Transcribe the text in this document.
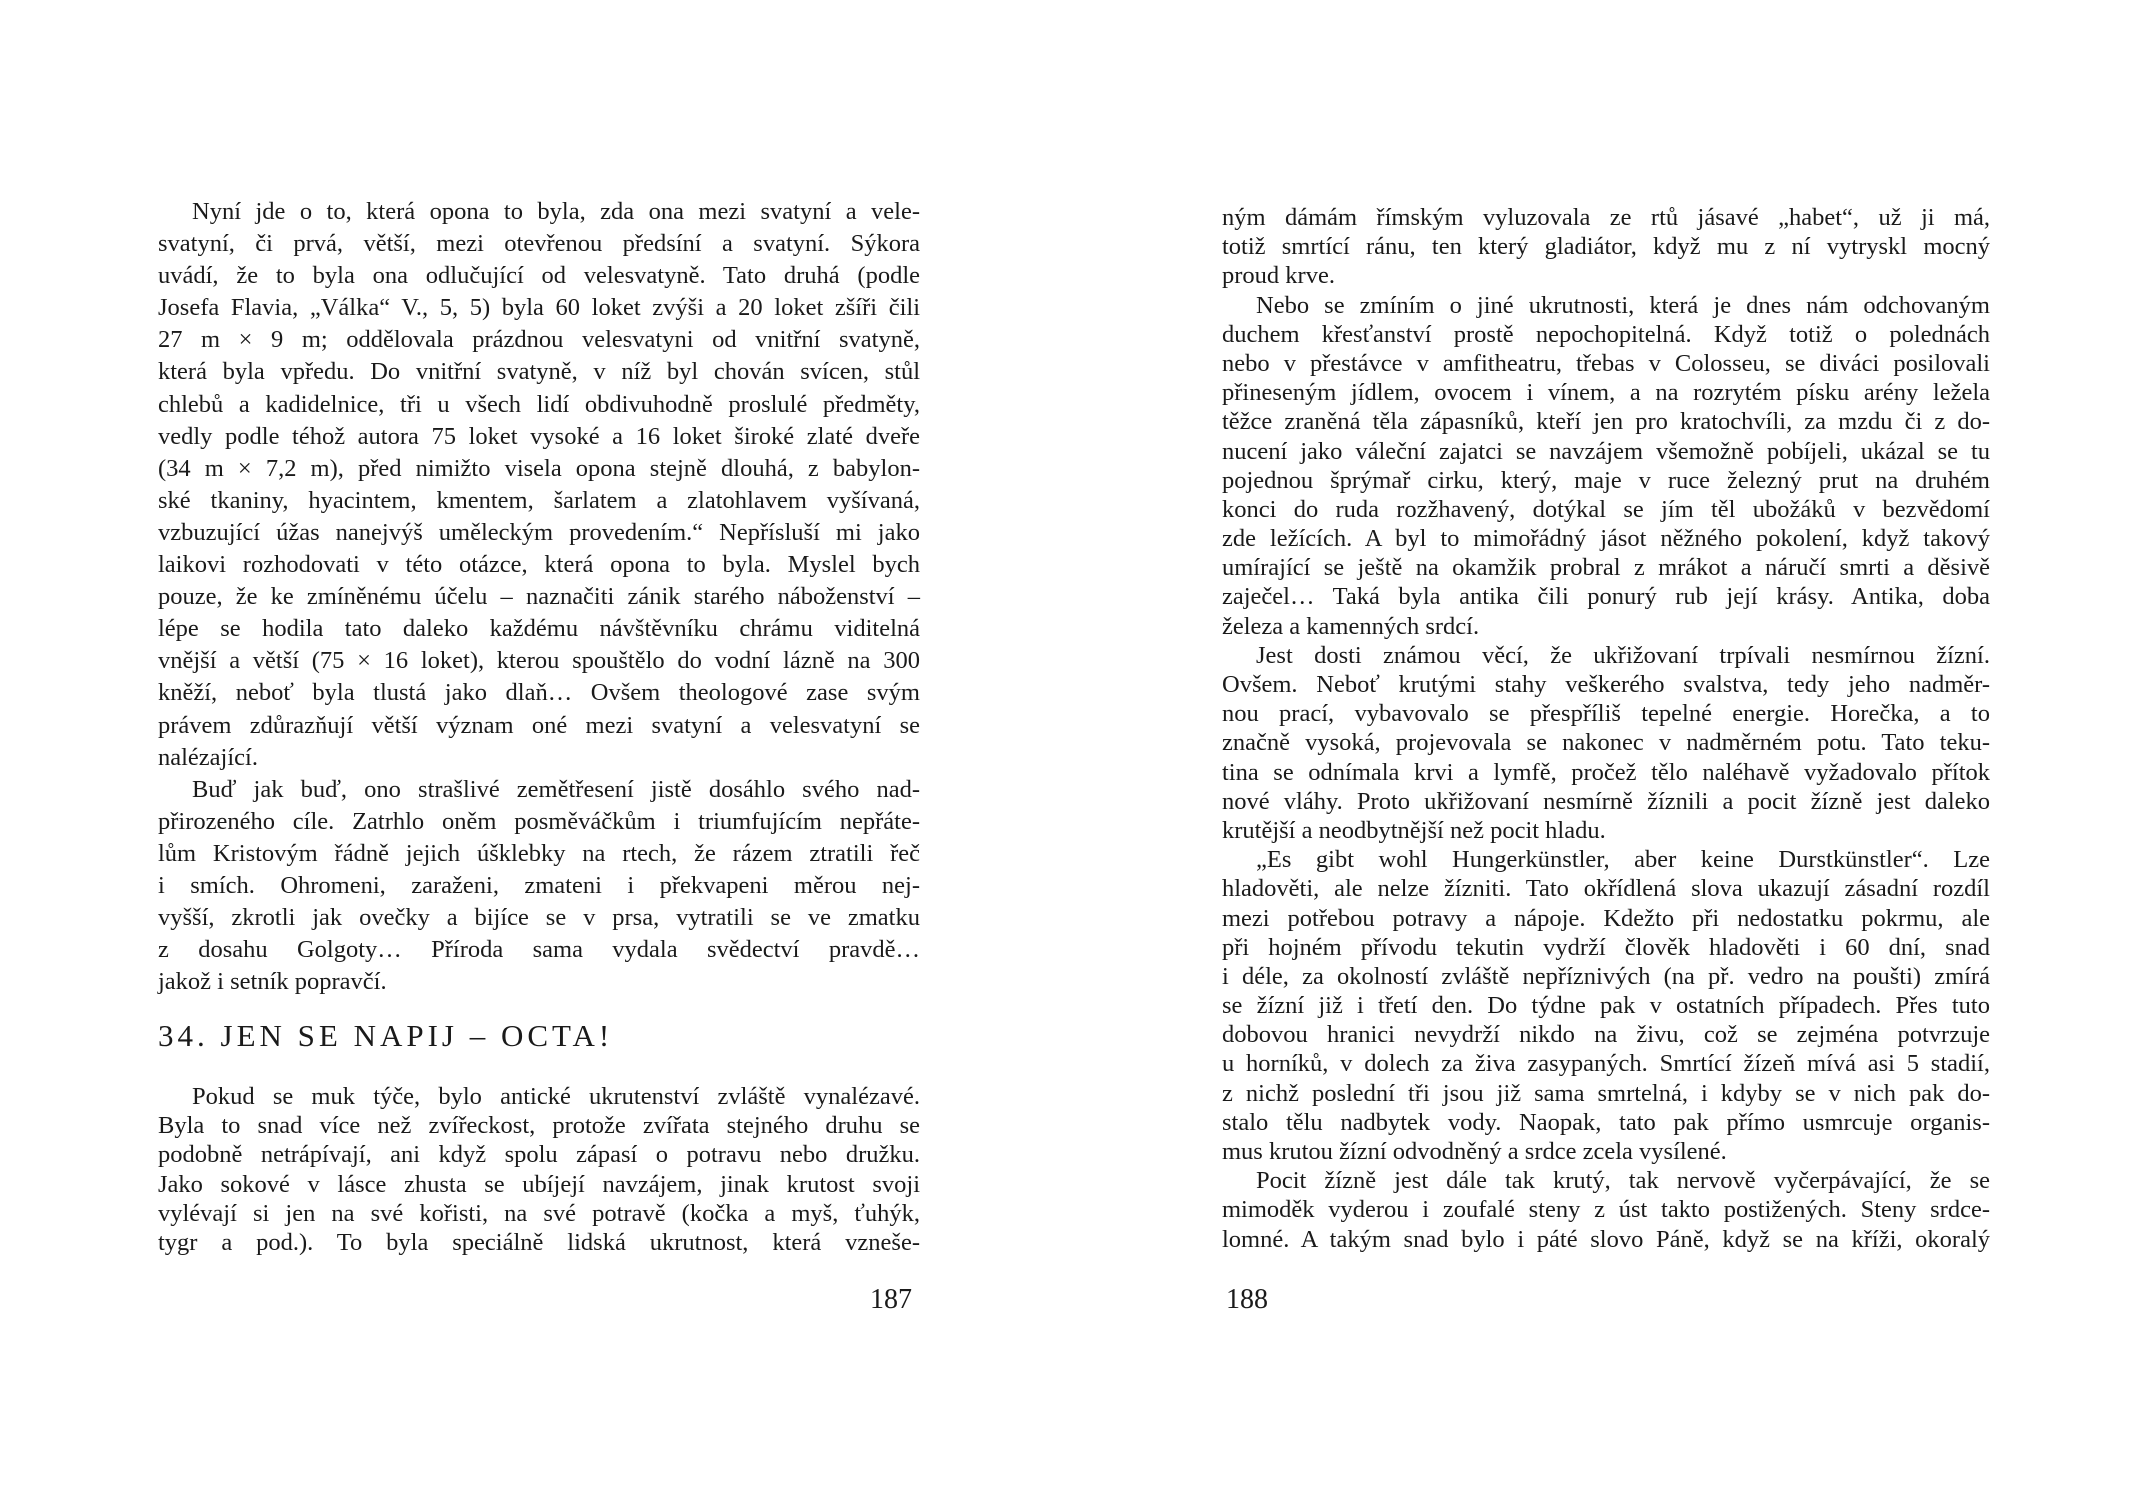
Nyní jde o to, která opona to byla, zda ona mezi svatyní a vele-
svatyní, či prvá, větší, mezi otevřenou předsíní a svatyní. Sýkora
uvádí, že to byla ona odlučující od velesvatyně. Tato druhá (podle
Josefa Flavia, „Válka“ V., 5, 5) byla 60 loket zvýši a 20 loket zšíři čili
27 m × 9 m; oddělovala prázdnou velesvatyni od vnitřní svatyně,
která byla vpředu. Do vnitřní svatyně, v níž byl chován svícen, stůl
chlebů a kadidelnice, tři u všech lidí obdivuhodně proslulé předměty,
vedly podle téhož autora 75 loket vysoké a 16 loket široké zlaté dveře
(34 m × 7,2 m), před nimižto visela opona stejně dlouhá, z babylon-
ské tkaniny, hyacintem, kmentem, šarlatem a zlatohlavem vyšívaná,
vzbuzující úžas nanejvýš uměleckým provedením.“ Nepřísluší mi jako
laikovi rozhodovati v této otázce, která opona to byla. Myslel bych
pouze, že ke zmíněnému účelu – naznačiti zánik starého náboženství –
lépe se hodila tato daleko každému návštěvníku chrámu viditelná
vnější a větší (75 × 16 loket), kterou spouštělo do vodní lázně na 300
kněží, neboť byla tlustá jako dlaň… Ovšem theologové zase svým
právem zdůrazňují větší význam oné mezi svatyní a velesvatyní se
nalézající.
Buď jak buď, ono strašlivé zemětřesení jistě dosáhlo svého nad-
přirozeného cíle. Zatrhlo oněm posměváčkům i triumfujícím nepřáte-
lům Kristovým řádně jejich úšklebky na rtech, že rázem ztratili řeč
i smích. Ohromeni, zaraženi, zmateni i překvapeni měrou nej-
vyšší, zkrotli jak ovečky a bijíce se v prsa, vytratili se ve zmatku
z dosahu Golgoty… Příroda sama vydala svědectví pravdě…
jakož i setník popravčí.
34. JEN SE NAPIJ – OCTA!
Pokud se muk týče, bylo antické ukrutenství zvláště vynalézavé.
Byla to snad více než zvířeckost, protože zvířata stejného druhu se
podobně netrápívají, ani když spolu zápasí o potravu nebo družku.
Jako sokové v lásce zhusta se ubíjejí navzájem, jinak krutost svoji
vylévají si jen na své kořisti, na své potravě (kočka a myš, ťuhýk,
tygr a pod.). To byla speciálně lidská ukrutnost, která vzneše-
187
ným dámám římským vyluzovala ze rtů jásavé „habet“, už ji má,
totiž smrtící ránu, ten který gladiátor, když mu z ní vytryskl mocný
proud krve.
Nebo se zmíním o jiné ukrutnosti, která je dnes nám odchovaným
duchem křesťanství prostě nepochopitelná. Když totiž o polednách
nebo v přestávce v amfitheatru, třebas v Colosseu, se diváci posilovali
přineseným jídlem, ovocem i vínem, a na rozrytém písku arény ležela
těžce zraněná těla zápasníků, kteří jen pro kratochvíli, za mzdu či z do-
nucení jako váleční zajatci se navzájem všemožně pobíjeli, ukázal se tu
pojednou šprýmař cirku, který, maje v ruce železný prut na druhém
konci do ruda rozžhavený, dotýkal se jím těl ubožáků v bezvědomí
zde ležících. A byl to mimořádný jásot něžného pokolení, když takový
umírající se ještě na okamžik probral z mrákot a náručí smrti a děsivě
zaječel… Taká byla antika čili ponurý rub její krásy. Antika, doba
železa a kamenných srdcí.
Jest dosti známou věcí, že ukřižovaní trpívali nesmírnou žízní.
Ovšem. Neboť krutými stahy veškerého svalstva, tedy jeho nadměr-
nou prací, vybavovalo se přespříliš tepelné energie. Horečka, a to
značně vysoká, projevovala se nakonec v nadměrném potu. Tato teku-
tina se odnímala krvi a lymfě, pročež tělo naléhavě vyžadovalo přítok
nové vláhy. Proto ukřižovaní nesmírně žíznili a pocit žízně jest daleko
krutější a neodbytnější než pocit hladu.
„Es gibt wohl Hungerkünstler, aber keine Durstkünstler“. Lze
hladověti, ale nelze žízniti. Tato okřídlená slova ukazují zásadní rozdíl
mezi potřebou potravy a nápoje. Kdežto při nedostatku pokrmu, ale
při hojném přívodu tekutin vydrží člověk hladověti i 60 dní, snad
i déle, za okolností zvláště nepříznivých (na př. vedro na poušti) zmírá
se žízní již i třetí den. Do týdne pak v ostatních případech. Přes tuto
dobovou hranici nevydrží nikdo na živu, což se zejména potvrzuje
u horníků, v dolech za živa zasypaných. Smrtící žízeň mívá asi 5 stadií,
z nichž poslední tři jsou již sama smrtelná, i kdyby se v nich pak do-
stalo tělu nadbytek vody. Naopak, tato pak přímo usmrcuje organis-
mus krutou žízní odvodněný a srdce zcela vysílené.
Pocit žízně jest dále tak krutý, tak nervově vyčerpávající, že se
mimoděk vyderou i zoufalé steny z úst takto postižených. Steny srdce-
lomné. A takým snad bylo i páté slovo Páně, když se na kříži, okoralý
188
